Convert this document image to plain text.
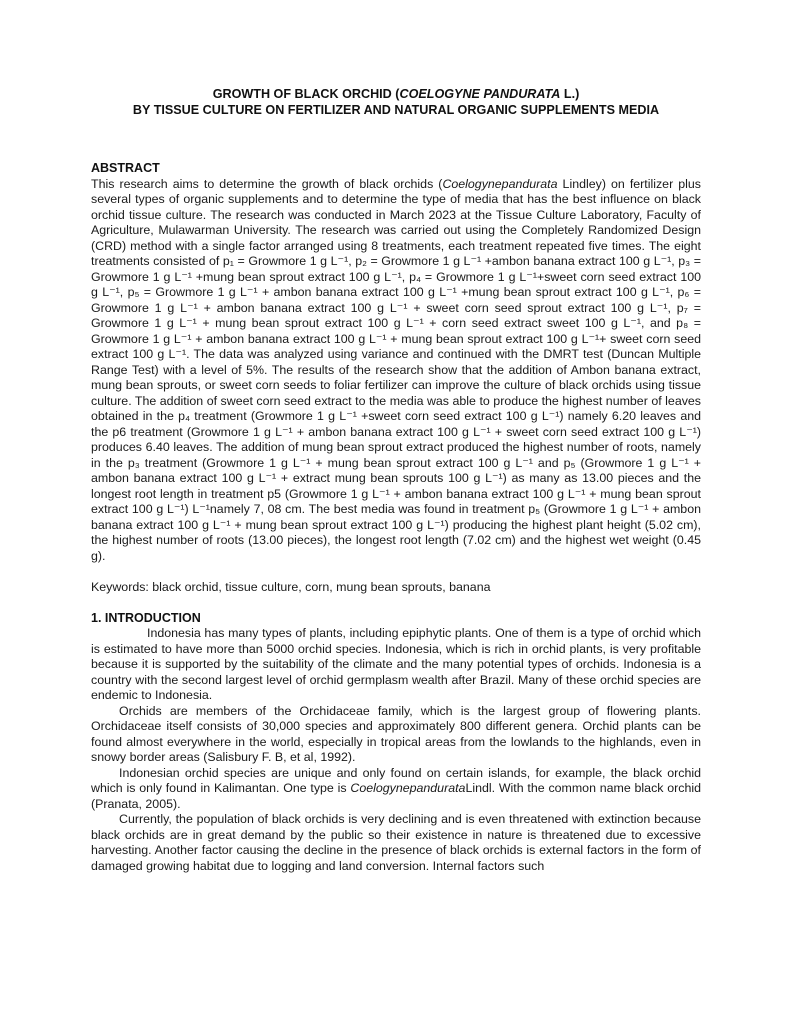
GROWTH OF BLACK ORCHID (COELOGYNE PANDURATA L.)
BY TISSUE CULTURE ON FERTILIZER AND NATURAL ORGANIC SUPPLEMENTS MEDIA
ABSTRACT

This research aims to determine the growth of black orchids (Coelogynepandurata Lindley) on fertilizer plus several types of organic supplements and to determine the type of media that has the best influence on black orchid tissue culture. The research was conducted in March 2023 at the Tissue Culture Laboratory, Faculty of Agriculture, Mulawarman University. The research was carried out using the Completely Randomized Design (CRD) method with a single factor arranged using 8 treatments, each treatment repeated five times. The eight treatments consisted of p₁ = Growmore 1 g L⁻¹, p₂ = Growmore 1 g L⁻¹ +ambon banana extract 100 g L⁻¹, p₃ = Growmore 1 g L⁻¹ +mung bean sprout extract 100 g L⁻¹, p₄ = Growmore 1 g L⁻¹+sweet corn seed extract 100 g L⁻¹, p₅ = Growmore 1 g L⁻¹ + ambon banana extract 100 g L⁻¹ +mung bean sprout extract 100 g L⁻¹, p₆ = Growmore 1 g L⁻¹ + ambon banana extract 100 g L⁻¹ + sweet corn seed sprout extract 100 g L⁻¹, p₇ = Growmore 1 g L⁻¹ + mung bean sprout extract 100 g L⁻¹ + corn seed extract sweet 100 g L⁻¹, and p₈ = Growmore 1 g L⁻¹ + ambon banana extract 100 g L⁻¹ + mung bean sprout extract 100 g L⁻¹+ sweet corn seed extract 100 g L⁻¹. The data was analyzed using variance and continued with the DMRT test (Duncan Multiple Range Test) with a level of 5%. The results of the research show that the addition of Ambon banana extract, mung bean sprouts, or sweet corn seeds to foliar fertilizer can improve the culture of black orchids using tissue culture. The addition of sweet corn seed extract to the media was able to produce the highest number of leaves obtained in the p₄ treatment (Growmore 1 g L⁻¹ +sweet corn seed extract 100 g L⁻¹) namely 6.20 leaves and the p6 treatment (Growmore 1 g L⁻¹ + ambon banana extract 100 g L⁻¹ + sweet corn seed extract 100 g L⁻¹) produces 6.40 leaves. The addition of mung bean sprout extract produced the highest number of roots, namely in the p₃ treatment (Growmore 1 g L⁻¹ + mung bean sprout extract 100 g L⁻¹ and p₅ (Growmore 1 g L⁻¹ + ambon banana extract 100 g L⁻¹ + extract mung bean sprouts 100 g L⁻¹) as many as 13.00 pieces and the longest root length in treatment p5 (Growmore 1 g L⁻¹ + ambon banana extract 100 g L⁻¹ + mung bean sprout extract 100 g L⁻¹) L⁻¹namely 7, 08 cm. The best media was found in treatment p₅ (Growmore 1 g L⁻¹ + ambon banana extract 100 g L⁻¹ + mung bean sprout extract 100 g L⁻¹) producing the highest plant height (5.02 cm), the highest number of roots (13.00 pieces), the longest root length (7.02 cm) and the highest wet weight (0.45 g).

Keywords: black orchid, tissue culture, corn, mung bean sprouts, banana
1. INTRODUCTION

Indonesia has many types of plants, including epiphytic plants. One of them is a type of orchid which is estimated to have more than 5000 orchid species. Indonesia, which is rich in orchid plants, is very profitable because it is supported by the suitability of the climate and the many potential types of orchids. Indonesia is a country with the second largest level of orchid germplasm wealth after Brazil. Many of these orchid species are endemic to Indonesia.

Orchids are members of the Orchidaceae family, which is the largest group of flowering plants. Orchidaceae itself consists of 30,000 species and approximately 800 different genera. Orchid plants can be found almost everywhere in the world, especially in tropical areas from the lowlands to the highlands, even in snowy border areas (Salisbury F. B, et al, 1992).

Indonesian orchid species are unique and only found on certain islands, for example, the black orchid which is only found in Kalimantan. One type is CoelogynepandurataLindl. With the common name black orchid (Pranata, 2005).

Currently, the population of black orchids is very declining and is even threatened with extinction because black orchids are in great demand by the public so their existence in nature is threatened due to excessive harvesting. Another factor causing the decline in the presence of black orchids is external factors in the form of damaged growing habitat due to logging and land conversion. Internal factors such
